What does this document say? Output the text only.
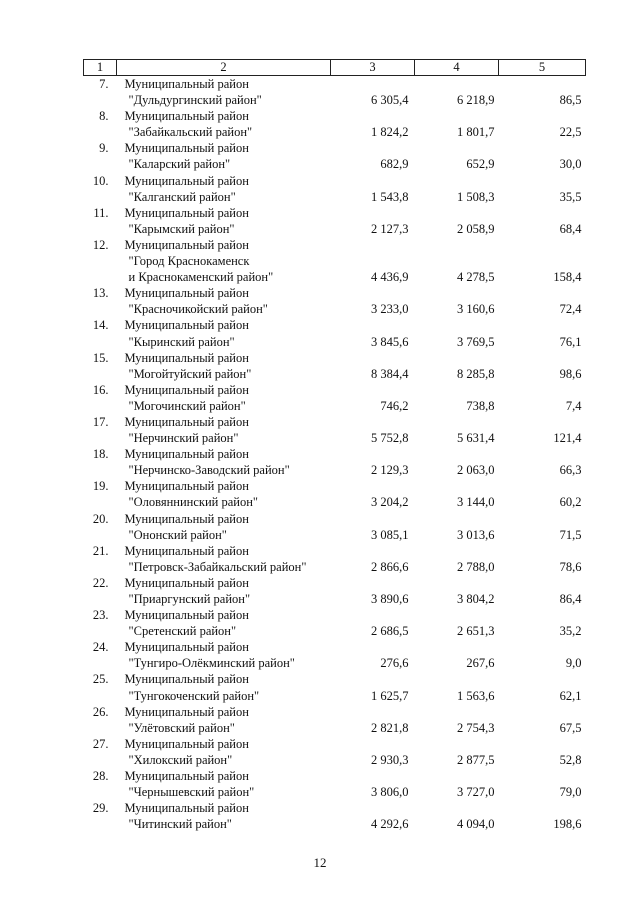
1	2	3	4	5
7.	Муниципальный район
"Дульдургинский район"	6 305,4	6 218,9	86,5
8.	Муниципальный район
"Забайкальский район"	1 824,2	1 801,7	22,5
9.	Муниципальный район
"Каларский район"	682,9	652,9	30,0
10.	Муниципальный район
"Калганский район"	1 543,8	1 508,3	35,5
11.	Муниципальный район
"Карымский район"	2 127,3	2 058,9	68,4
12.	Муниципальный район
"Город Краснокаменск
и Краснокаменский район"	4 436,9	4 278,5	158,4
13.	Муниципальный район
"Красночикойский район"	3 233,0	3 160,6	72,4
14.	Муниципальный район
"Кыринский район"	3 845,6	3 769,5	76,1
15.	Муниципальный район
"Могойтуйский район"	8 384,4	8 285,8	98,6
16.	Муниципальный район
"Могочинский район"	746,2	738,8	7,4
17.	Муниципальный район
"Нерчинский район"	5 752,8	5 631,4	121,4
18.	Муниципальный район
"Нерчинско-Заводский район"	2 129,3	2 063,0	66,3
19.	Муниципальный район
"Оловяннинский район"	3 204,2	3 144,0	60,2
20.	Муниципальный район
"Ононский район"	3 085,1	3 013,6	71,5
21.	Муниципальный район
"Петровск-Забайкальский район"	2 866,6	2 788,0	78,6
22.	Муниципальный район
"Приаргунский район"	3 890,6	3 804,2	86,4
23.	Муниципальный район
"Сретенский район"	2 686,5	2 651,3	35,2
24.	Муниципальный район
"Тунгиро-Олёкминский район"	276,6	267,6	9,0
25.	Муниципальный район
"Тунгокоченский район"	1 625,7	1 563,6	62,1
26.	Муниципальный район
"Улётовский район"	2 821,8	2 754,3	67,5
27.	Муниципальный район
"Хилокский район"	2 930,3	2 877,5	52,8
28.	Муниципальный район
"Чернышевский район"	3 806,0	3 727,0	79,0
29.	Муниципальный район
"Читинский район"	4 292,6	4 094,0	198,6
12
